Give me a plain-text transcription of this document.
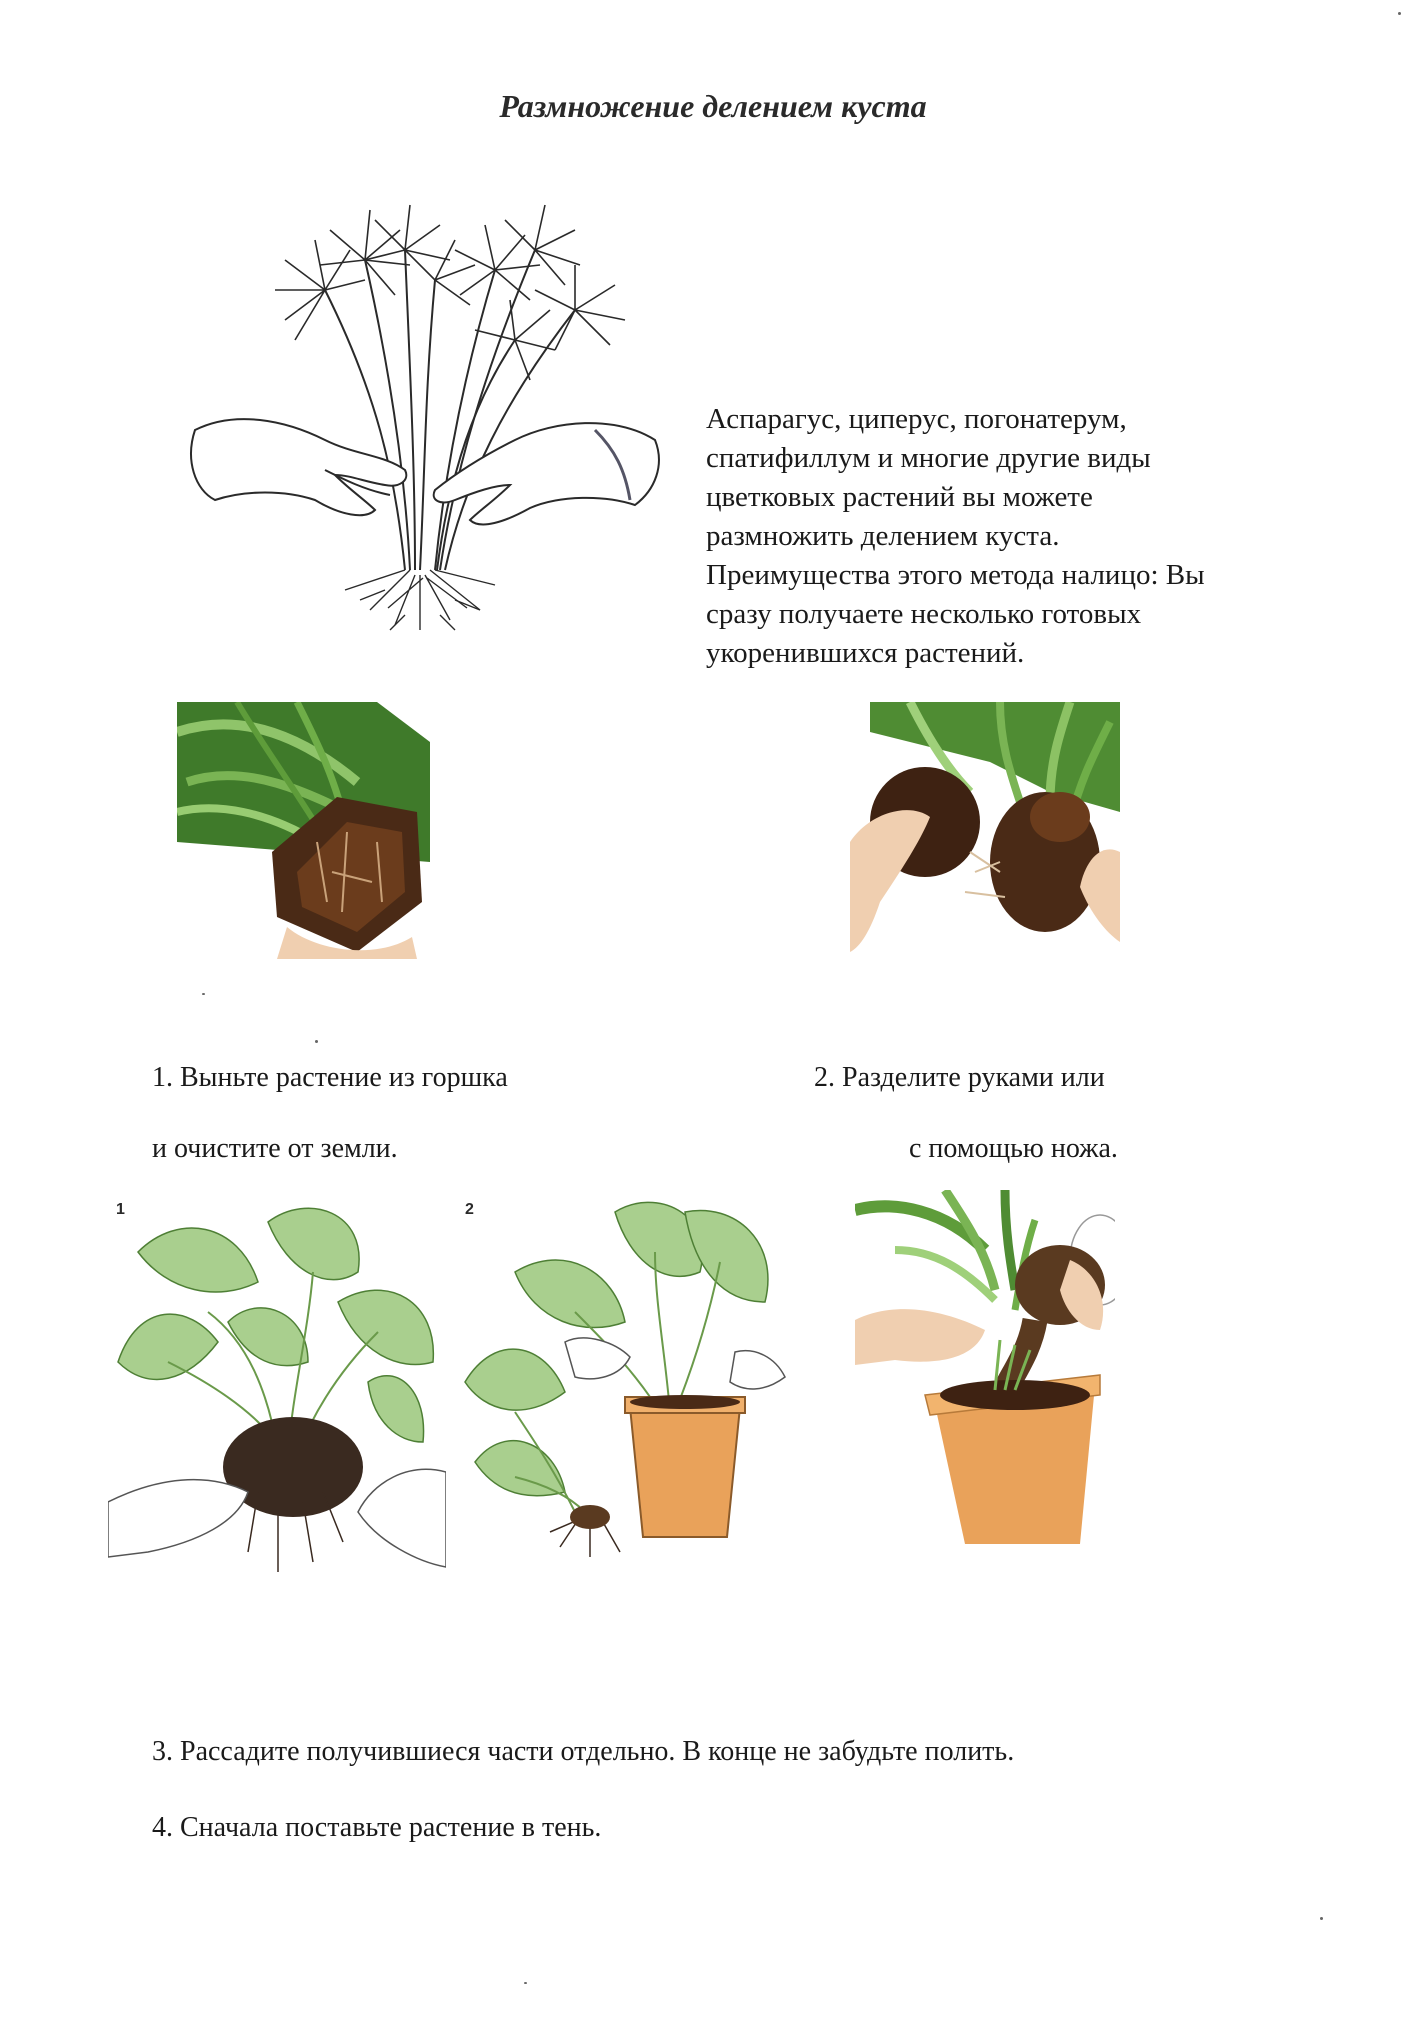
Размножение делением куста
Аспарагус, циперус, погонатерум,
спатифиллум и многие другие виды
цветковых растений вы можете
размножить делением куста.
Преимущества этого метода налицо: Вы
сразу получаете несколько готовых
укоренившихся растений.
1. Выньте растение из горшка
и очистите от земли.
2. Разделите руками или
с помощью ножа.
1	2
3. Рассадите получившиеся части отдельно. В конце не забудьте полить.
4. Сначала поставьте растение в тень.
